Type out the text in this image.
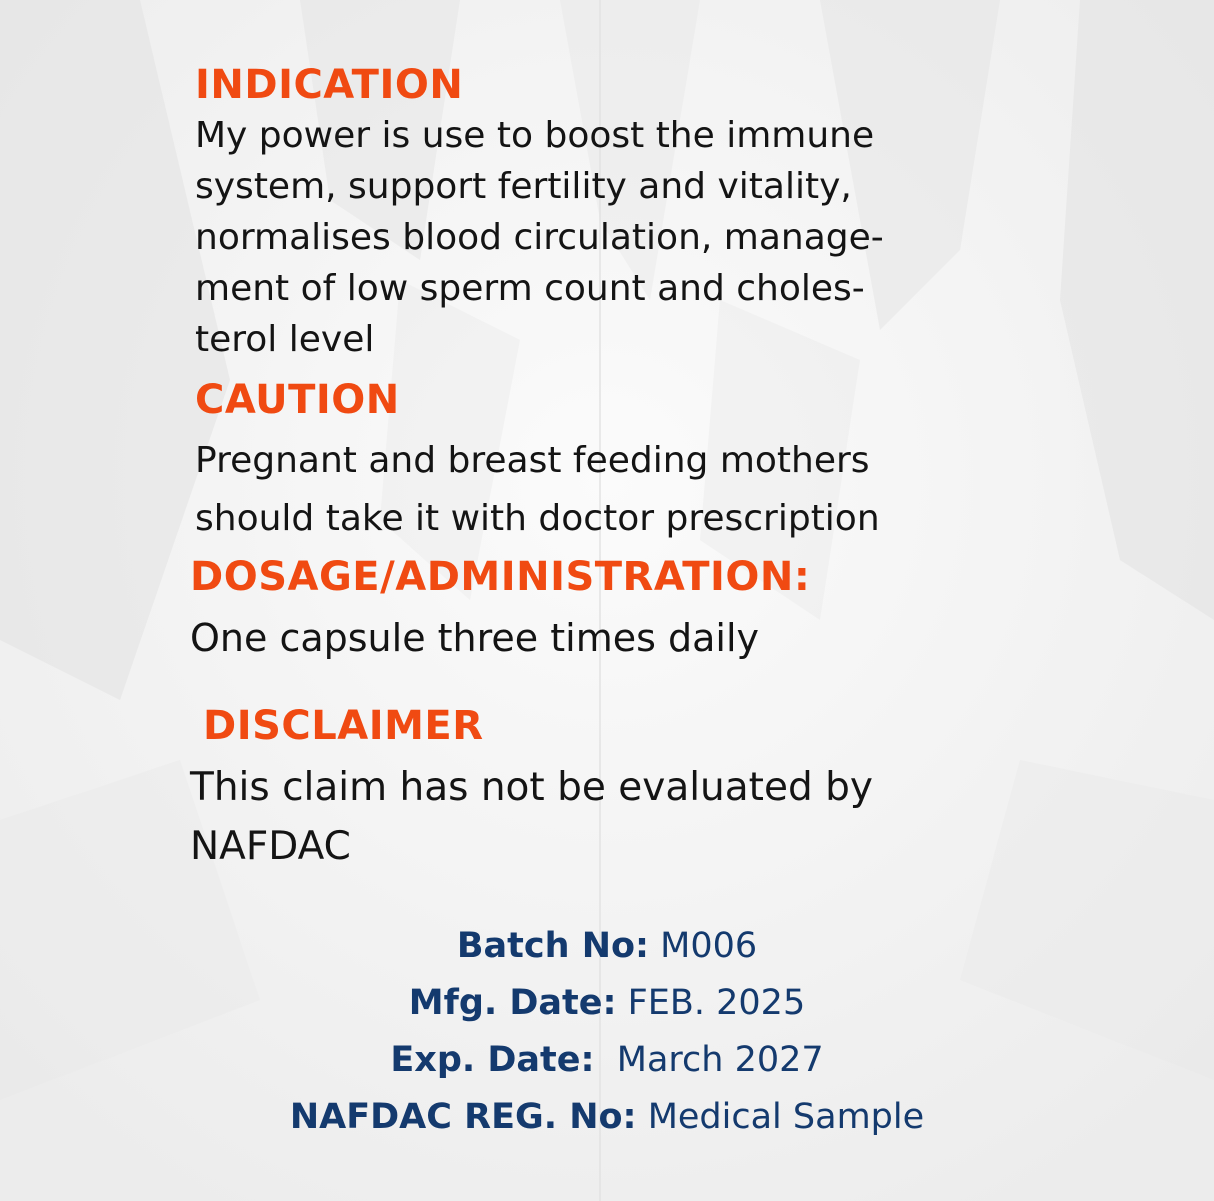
INDICATION
My power is use to boost the immune
system, support fertility and vitality,
normalises blood circulation, manage-
ment of low sperm count and choles-
terol level
CAUTION
Pregnant and breast feeding mothers
should take it with doctor prescription
DOSAGE/ADMINISTRATION:
One capsule three times daily
DISCLAIMER
This claim has not be evaluated by
NAFDAC
Batch No: M006
Mfg. Date: FEB. 2025
Exp. Date: March 2027
NAFDAC REG. No: Medical Sample
